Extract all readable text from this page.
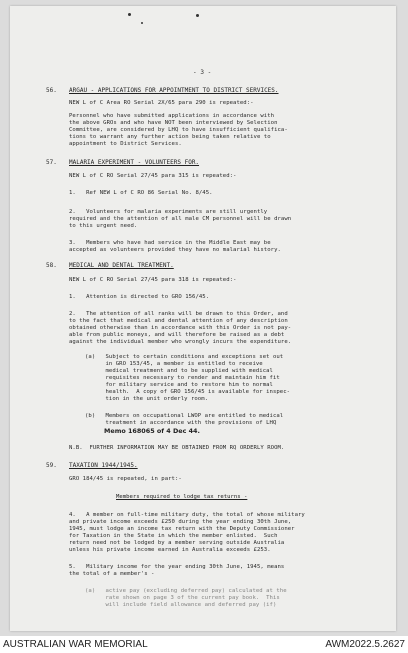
- 3 -
56. ARGAU - APPLICATIONS FOR APPOINTMENT TO DISTRICT SERVICES.
NEW L of C Area RO Serial 2X/65 para 290 is repeated:-
Personnel who have submitted applications in accordance with
the above GROs and who have NOT been interviewed by Selection
Committee, are considered by LHQ to have insufficient qualifica-
tions to warrant any further action being taken relative to
appointment to District Services.
57. MALARIA EXPERIMENT - VOLUNTEERS FOR.
NEW L of C RO Serial 27/45 para 315 is repeated:-
1.   Ref NEW L of C RO 86 Serial No. 8/45.
2.   Volunteers for malaria experiments are still urgently
required and the attention of all male CM personnel will be drawn
to this urgent need.
3.   Members who have had service in the Middle East may be
accepted as volunteers provided they have no malarial history.
58. MEDICAL AND DENTAL TREATMENT.
NEW L of C RO Serial 27/45 para 318 is repeated:-
1.   Attention is directed to GRO 156/45.
2.   The attention of all ranks will be drawn to this Order, and
to the fact that medical and dental attention of any description
obtained otherwise than in accordance with this Order is not pay-
able from public moneys, and will therefore be raised as a debt
against the individual member who wrongly incurs the expenditure.
(a)   Subject to certain conditions and exceptions set out
in GRO 153/45, a member is entitled to receive
medical treatment and to be supplied with medical
requisites necessary to render and maintain him fit
for military service and to restore him to normal
health.  A copy of GRO 156/45 is available for inspec-
tion in the unit orderly room.
(b)   Members on occupational LWOP are entitled to medical
treatment in accordance with the provisions of LHQ
Memo 168065 of 4 Dec 44.
N.B.  FURTHER INFORMATION MAY BE OBTAINED FROM RQ ORDERLY ROOM.
59. TAXATION 1944/1945.
GRO 184/45 is repeated, in part:-
Members required to lodge tax returns -
4.   A member on full-time military duty, the total of whose military
and private income exceeds £250 during the year ending 30th June,
1945, must lodge an income tax return with the Deputy Commissioner
for Taxation in the State in which the member enlisted.  Such
return need not be lodged by a member serving outside Australia
unless his private income earned in Australia exceeds £253.
5.   Military income for the year ending 30th June, 1945, means
the total of a member's -
(a)   active pay (excluding deferred pay) calculated at the
rate shown on page 3 of the current pay book.  This
will include field allowance and deferred pay (if)
AUSTRALIAN WAR MEMORIAL	AWM2022.5.2627
